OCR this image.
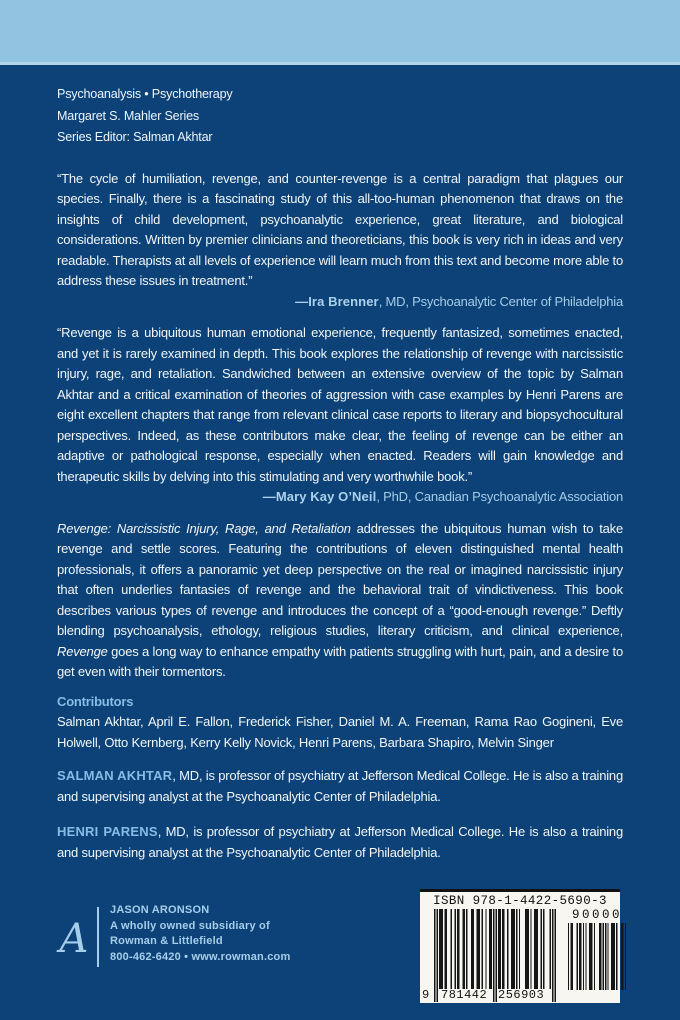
Psychoanalysis • Psychotherapy
Margaret S. Mahler Series
Series Editor: Salman Akhtar

“The cycle of humiliation, revenge, and counter-revenge is a central paradigm that plagues our species. Finally, there is a fascinating study of this all-too-human phenomenon that draws on the insights of child development, psychoanalytic experience, great literature, and biological considerations. Written by premier clinicians and theoreticians, this book is very rich in ideas and very readable. Therapists at all levels of experience will learn much from this text and become more able to address these issues in treatment.”

—Ira Brenner, MD, Psychoanalytic Center of Philadelphia

“Revenge is a ubiquitous human emotional experience, frequently fantasized, sometimes enacted, and yet it is rarely examined in depth. This book explores the relationship of revenge with narcissistic injury, rage, and retaliation. Sandwiched between an extensive overview of the topic by Salman Akhtar and a critical examination of theories of aggression with case examples by Henri Parens are eight excellent chapters that range from relevant clinical case reports to literary and biopsychocultural perspectives. Indeed, as these contributors make clear, the feeling of revenge can be either an adaptive or pathological response, especially when enacted. Readers will gain knowledge and therapeutic skills by delving into this stimulating and very worthwhile book.”

—Mary Kay O’Neil, PhD, Canadian Psychoanalytic Association

Revenge: Narcissistic Injury, Rage, and Retaliation addresses the ubiquitous human wish to take revenge and settle scores. Featuring the contributions of eleven distinguished mental health professionals, it offers a panoramic yet deep perspective on the real or imagined narcissistic injury that often underlies fantasies of revenge and the behavioral trait of vindictiveness. This book describes various types of revenge and introduces the concept of a “good-enough revenge.” Deftly blending psychoanalysis, ethology, religious studies, literary criticism, and clinical experience, Revenge goes a long way to enhance empathy with patients struggling with hurt, pain, and a desire to get even with their tormentors.

Contributors

Salman Akhtar, April E. Fallon, Frederick Fisher, Daniel M. A. Freeman, Rama Rao Gogineni, Eve Holwell, Otto Kernberg, Kerry Kelly Novick, Henri Parens, Barbara Shapiro, Melvin Singer

SALMAN AKHTAR, MD, is professor of psychiatry at Jefferson Medical College. He is also a training and supervising analyst at the Psychoanalytic Center of Philadelphia.

HENRI PARENS, MD, is professor of psychiatry at Jefferson Medical College. He is also a training and supervising analyst at the Psychoanalytic Center of Philadelphia.

A
JASON ARONSON
A wholly owned subsidiary of
Rowman & Littlefield
800-462-6420 • www.rowman.com
ISBN 978-1-4422-5690-3
9 781442 256903
90000
